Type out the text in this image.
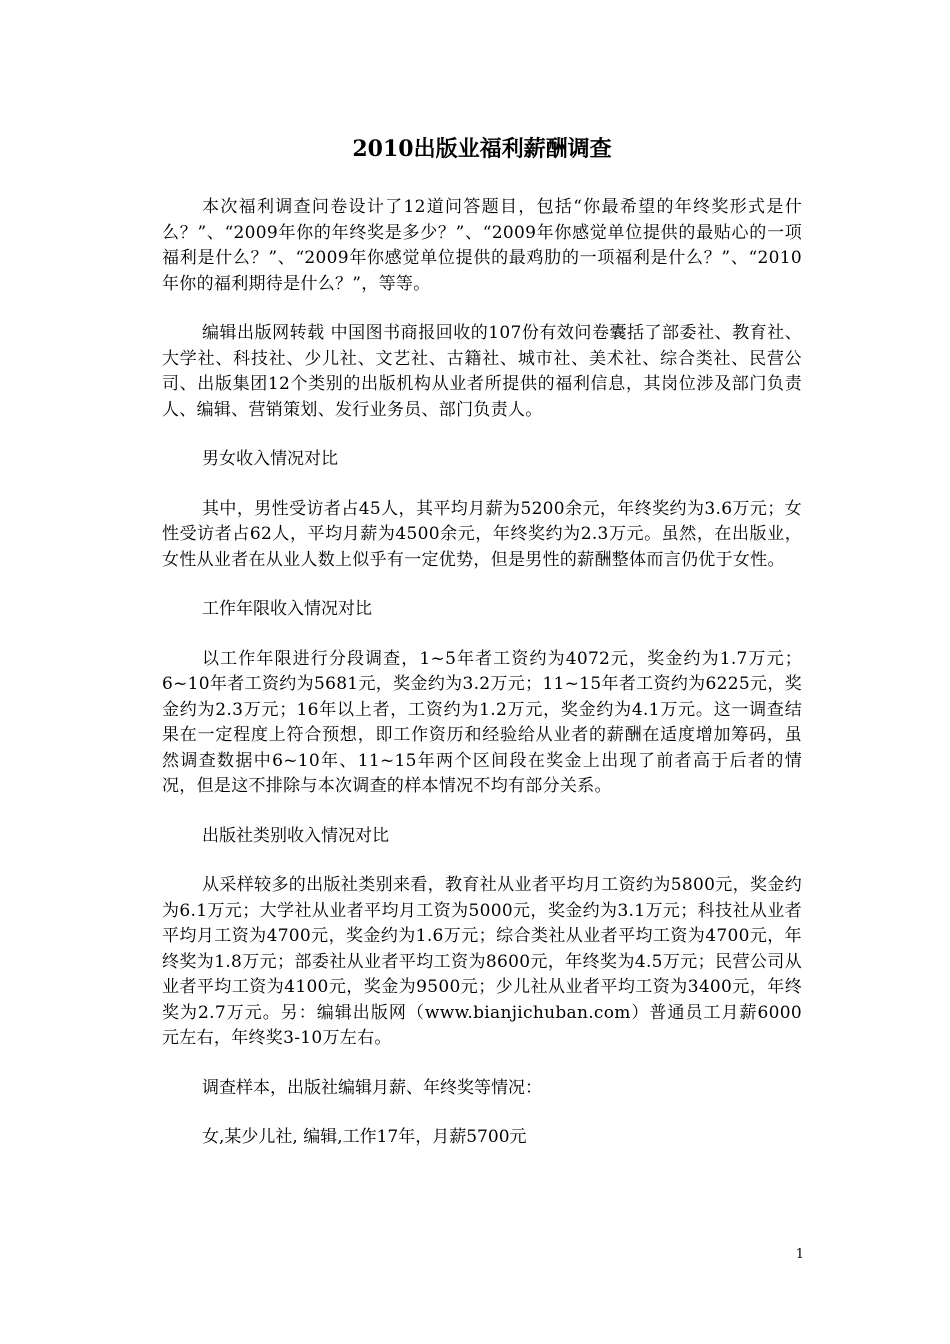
2010出版业福利薪酬调查

本次福利调查问卷设计了12道问答题目，包括“你最希望的年终奖形式是什么？”、“2009年你的年终奖是多少？”、“2009年你感觉单位提供的最贴心的一项福利是什么？”、“2009年你感觉单位提供的最鸡肋的一项福利是什么？”、“2010年你的福利期待是什么？”，等等。

编辑出版网转载 中国图书商报回收的107份有效问卷囊括了部委社、教育社、大学社、科技社、少儿社、文艺社、古籍社、城市社、美术社、综合类社、民营公司、出版集团12个类别的出版机构从业者所提供的福利信息，其岗位涉及部门负责人、编辑、营销策划、发行业务员、部门负责人。

男女收入情况对比

其中，男性受访者占45人，其平均月薪为5200余元，年终奖约为3.6万元；女性受访者占62人，平均月薪为4500余元，年终奖约为2.3万元。虽然，在出版业，女性从业者在从业人数上似乎有一定优势，但是男性的薪酬整体而言仍优于女性。

工作年限收入情况对比

以工作年限进行分段调查，1~5年者工资约为4072元，奖金约为1.7万元；6~10年者工资约为5681元，奖金约为3.2万元；11~15年者工资约为6225元，奖金约为2.3万元；16年以上者，工资约为1.2万元，奖金约为4.1万元。这一调查结果在一定程度上符合预想，即工作资历和经验给从业者的薪酬在适度增加筹码，虽然调查数据中6~10年、11~15年两个区间段在奖金上出现了前者高于后者的情况，但是这不排除与本次调查的样本情况不均有部分关系。

出版社类别收入情况对比

从采样较多的出版社类别来看，教育社从业者平均月工资约为5800元，奖金约为6.1万元；大学社从业者平均月工资为5000元，奖金约为3.1万元；科技社从业者平均月工资为4700元，奖金约为1.6万元；综合类社从业者平均工资为4700元，年终奖为1.8万元；部委社从业者平均工资为8600元，年终奖为4.5万元；民营公司从业者平均工资为4100元，奖金为9500元；少儿社从业者平均工资为3400元，年终奖为2.7万元。另：编辑出版网（www.bianjichuban.com）普通员工月薪6000元左右，年终奖3-10万左右。

调查样本，出版社编辑月薪、年终奖等情况：

女,某少儿社, 编辑,工作17年，月薪5700元

1
